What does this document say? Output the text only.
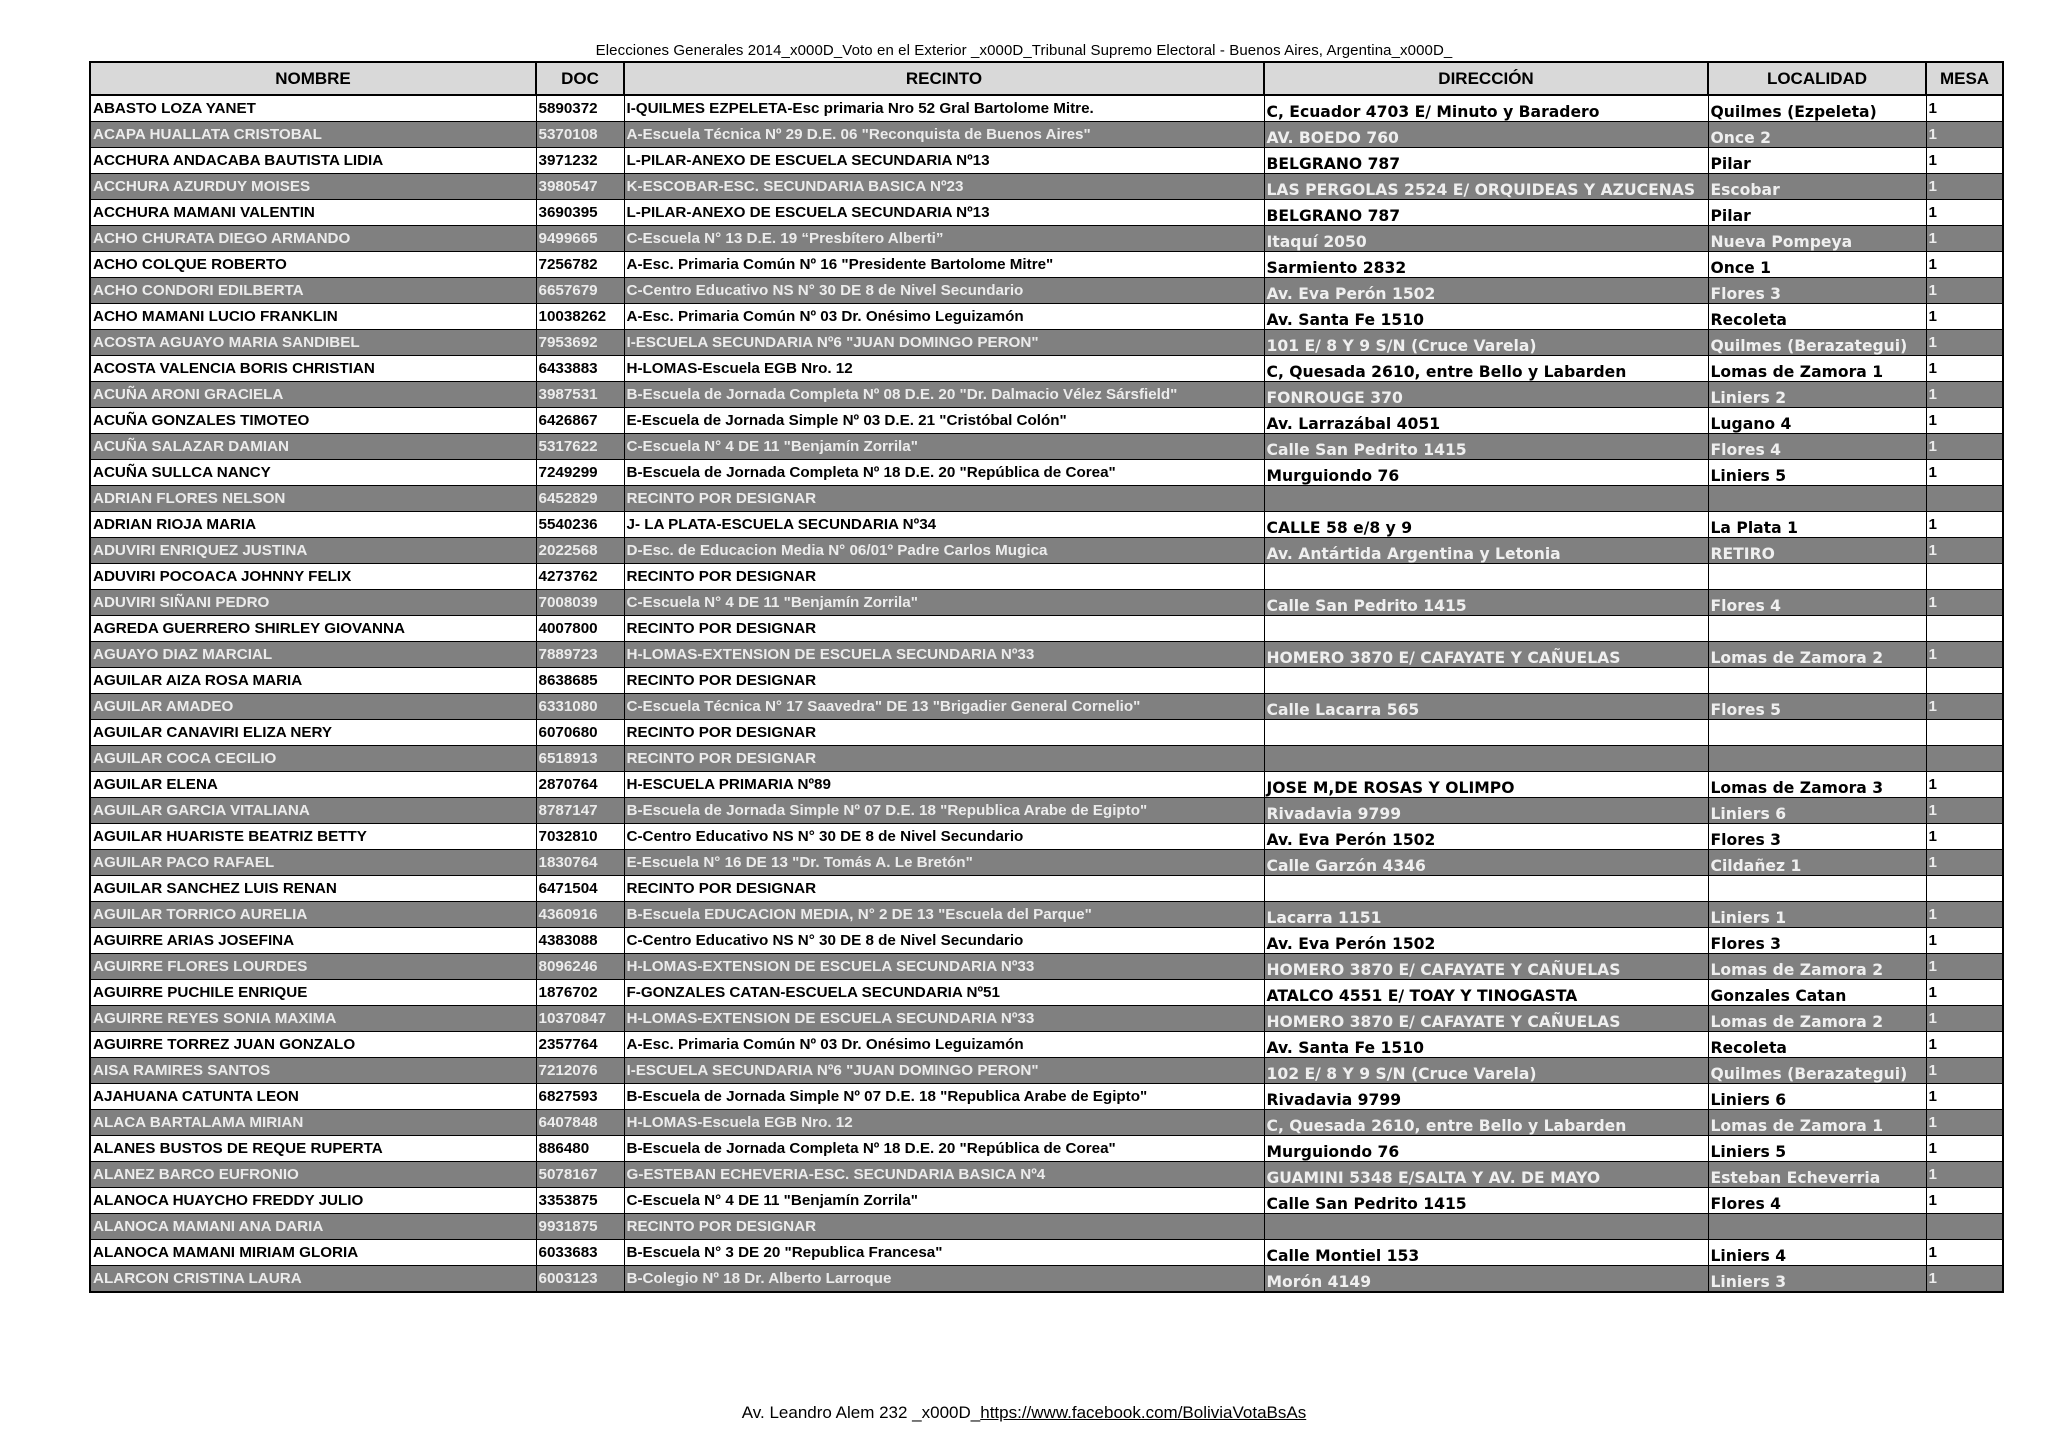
Elecciones Generales 2014_x000D_Voto en el Exterior _x000D_Tribunal Supremo Electoral - Buenos Aires, Argentina_x000D_
NOMBRE	DOC	RECINTO	DIRECCIÓN	LOCALIDAD	MESA
ABASTO LOZA YANET	5890372	I-QUILMES EZPELETA-Esc primaria Nro 52 Gral Bartolome Mitre.	C, Ecuador 4703 E/ Minuto y Baradero	Quilmes (Ezpeleta)	1
ACAPA HUALLATA CRISTOBAL	5370108	A-Escuela Técnica Nº 29 D.E. 06 "Reconquista de Buenos Aires"	AV. BOEDO 760	Once 2	1
ACCHURA ANDACABA BAUTISTA LIDIA	3971232	L-PILAR-ANEXO DE ESCUELA SECUNDARIA Nº13	BELGRANO 787	Pilar	1
ACCHURA AZURDUY MOISES	3980547	K-ESCOBAR-ESC. SECUNDARIA BASICA Nº23	LAS PERGOLAS 2524 E/ ORQUIDEAS Y AZUCENAS	Escobar	1
ACCHURA MAMANI VALENTIN	3690395	L-PILAR-ANEXO DE ESCUELA SECUNDARIA Nº13	BELGRANO 787	Pilar	1
ACHO CHURATA DIEGO ARMANDO	9499665	C-Escuela N° 13 D.E. 19 “Presbítero Alberti”	Itaquí 2050	Nueva Pompeya	1
ACHO COLQUE ROBERTO	7256782	A-Esc. Primaria Común Nº 16 "Presidente Bartolome Mitre"	Sarmiento 2832	Once 1	1
ACHO CONDORI EDILBERTA	6657679	C-Centro Educativo NS N° 30 DE 8 de Nivel Secundario	Av. Eva Perón 1502	Flores 3	1
ACHO MAMANI LUCIO FRANKLIN	10038262	A-Esc. Primaria Común Nº 03 Dr. Onésimo Leguizamón	Av. Santa Fe 1510	Recoleta	1
ACOSTA AGUAYO MARIA SANDIBEL	7953692	I-ESCUELA SECUNDARIA Nº6 "JUAN DOMINGO PERON"	101 E/ 8 Y 9 S/N (Cruce Varela)	Quilmes (Berazategui)	1
ACOSTA VALENCIA BORIS CHRISTIAN	6433883	H-LOMAS-Escuela EGB Nro. 12	C, Quesada 2610, entre Bello y Labarden	Lomas de Zamora 1	1
ACUÑA ARONI GRACIELA	3987531	B-Escuela de Jornada Completa Nº 08 D.E. 20 "Dr. Dalmacio Vélez Sársfield"	FONROUGE 370	Liniers 2	1
ACUÑA GONZALES TIMOTEO	6426867	E-Escuela de Jornada Simple Nº 03 D.E. 21 "Cristóbal Colón"	Av. Larrazábal 4051	Lugano 4	1
ACUÑA SALAZAR DAMIAN	5317622	C-Escuela N° 4 DE 11 "Benjamín Zorrila"	Calle San Pedrito 1415	Flores 4	1
ACUÑA SULLCA NANCY	7249299	B-Escuela de Jornada Completa Nº 18 D.E. 20 "República de Corea"	Murguiondo 76	Liniers 5	1
ADRIAN FLORES NELSON	6452829	RECINTO POR DESIGNAR			
ADRIAN RIOJA MARIA	5540236	J- LA PLATA-ESCUELA SECUNDARIA Nº34	CALLE 58 e/8 y 9	La Plata 1	1
ADUVIRI ENRIQUEZ JUSTINA	2022568	D-Esc. de Educacion Media N° 06/01º Padre Carlos Mugica	Av. Antártida Argentina y Letonia	RETIRO	1
ADUVIRI POCOACA JOHNNY FELIX	4273762	RECINTO POR DESIGNAR			
ADUVIRI SIÑANI PEDRO	7008039	C-Escuela N° 4 DE 11 "Benjamín Zorrila"	Calle San Pedrito 1415	Flores 4	1
AGREDA GUERRERO SHIRLEY GIOVANNA	4007800	RECINTO POR DESIGNAR			
AGUAYO DIAZ MARCIAL	7889723	H-LOMAS-EXTENSION DE ESCUELA SECUNDARIA Nº33	HOMERO 3870 E/ CAFAYATE Y CAÑUELAS	Lomas de Zamora 2	1
AGUILAR AIZA ROSA MARIA	8638685	RECINTO POR DESIGNAR			
AGUILAR AMADEO	6331080	C-Escuela Técnica N° 17 Saavedra" DE 13 "Brigadier General Cornelio"	Calle Lacarra 565	Flores 5	1
AGUILAR CANAVIRI ELIZA NERY	6070680	RECINTO POR DESIGNAR			
AGUILAR COCA CECILIO	6518913	RECINTO POR DESIGNAR			
AGUILAR ELENA	2870764	H-ESCUELA PRIMARIA Nº89	JOSE M,DE ROSAS Y OLIMPO	Lomas de Zamora 3	1
AGUILAR GARCIA VITALIANA	8787147	B-Escuela de Jornada Simple Nº 07 D.E. 18 "Republica Arabe de Egipto"	Rivadavia 9799	Liniers 6	1
AGUILAR HUARISTE BEATRIZ BETTY	7032810	C-Centro Educativo NS N° 30 DE 8 de Nivel Secundario	Av. Eva Perón 1502	Flores 3	1
AGUILAR PACO RAFAEL	1830764	E-Escuela N° 16 DE 13 "Dr. Tomás A. Le Bretón"	Calle Garzón 4346	Cildañez 1	1
AGUILAR SANCHEZ LUIS RENAN	6471504	RECINTO POR DESIGNAR			
AGUILAR TORRICO AURELIA	4360916	B-Escuela EDUCACION MEDIA, N° 2 DE 13 "Escuela del Parque"	Lacarra 1151	Liniers 1	1
AGUIRRE ARIAS JOSEFINA	4383088	C-Centro Educativo NS N° 30 DE 8 de Nivel Secundario	Av. Eva Perón 1502	Flores 3	1
AGUIRRE FLORES LOURDES	8096246	H-LOMAS-EXTENSION DE ESCUELA SECUNDARIA Nº33	HOMERO 3870 E/ CAFAYATE Y CAÑUELAS	Lomas de Zamora 2	1
AGUIRRE PUCHILE ENRIQUE	1876702	F-GONZALES CATAN-ESCUELA SECUNDARIA Nº51	ATALCO 4551 E/ TOAY Y TINOGASTA	Gonzales Catan	1
AGUIRRE REYES SONIA MAXIMA	10370847	H-LOMAS-EXTENSION DE ESCUELA SECUNDARIA Nº33	HOMERO 3870 E/ CAFAYATE Y CAÑUELAS	Lomas de Zamora 2	1
AGUIRRE TORREZ JUAN GONZALO	2357764	A-Esc. Primaria Común Nº 03 Dr. Onésimo Leguizamón	Av. Santa Fe 1510	Recoleta	1
AISA RAMIRES SANTOS	7212076	I-ESCUELA SECUNDARIA Nº6 "JUAN DOMINGO PERON"	102 E/ 8 Y 9 S/N (Cruce Varela)	Quilmes (Berazategui)	1
AJAHUANA CATUNTA LEON	6827593	B-Escuela de Jornada Simple Nº 07 D.E. 18 "Republica Arabe de Egipto"	Rivadavia 9799	Liniers 6	1
ALACA BARTALAMA MIRIAN	6407848	H-LOMAS-Escuela EGB Nro. 12	C, Quesada 2610, entre Bello y Labarden	Lomas de Zamora 1	1
ALANES BUSTOS DE REQUE RUPERTA	886480	B-Escuela de Jornada Completa Nº 18 D.E. 20 "República de Corea"	Murguiondo 76	Liniers 5	1
ALANEZ BARCO EUFRONIO	5078167	G-ESTEBAN ECHEVERIA-ESC. SECUNDARIA BASICA Nº4	GUAMINI 5348 E/SALTA Y AV. DE MAYO	Esteban Echeverria	1
ALANOCA HUAYCHO FREDDY JULIO	3353875	C-Escuela N° 4 DE 11 "Benjamín Zorrila"	Calle San Pedrito 1415	Flores 4	1
ALANOCA MAMANI ANA DARIA	9931875	RECINTO POR DESIGNAR			
ALANOCA MAMANI MIRIAM GLORIA	6033683	B-Escuela N° 3 DE 20 "Republica Francesa"	Calle Montiel 153	Liniers 4	1
ALARCON CRISTINA LAURA	6003123	B-Colegio Nº 18 Dr. Alberto Larroque	Morón 4149	Liniers 3	1
Av. Leandro Alem 232 _x000D_https://www.facebook.com/BoliviaVotaBsAs
